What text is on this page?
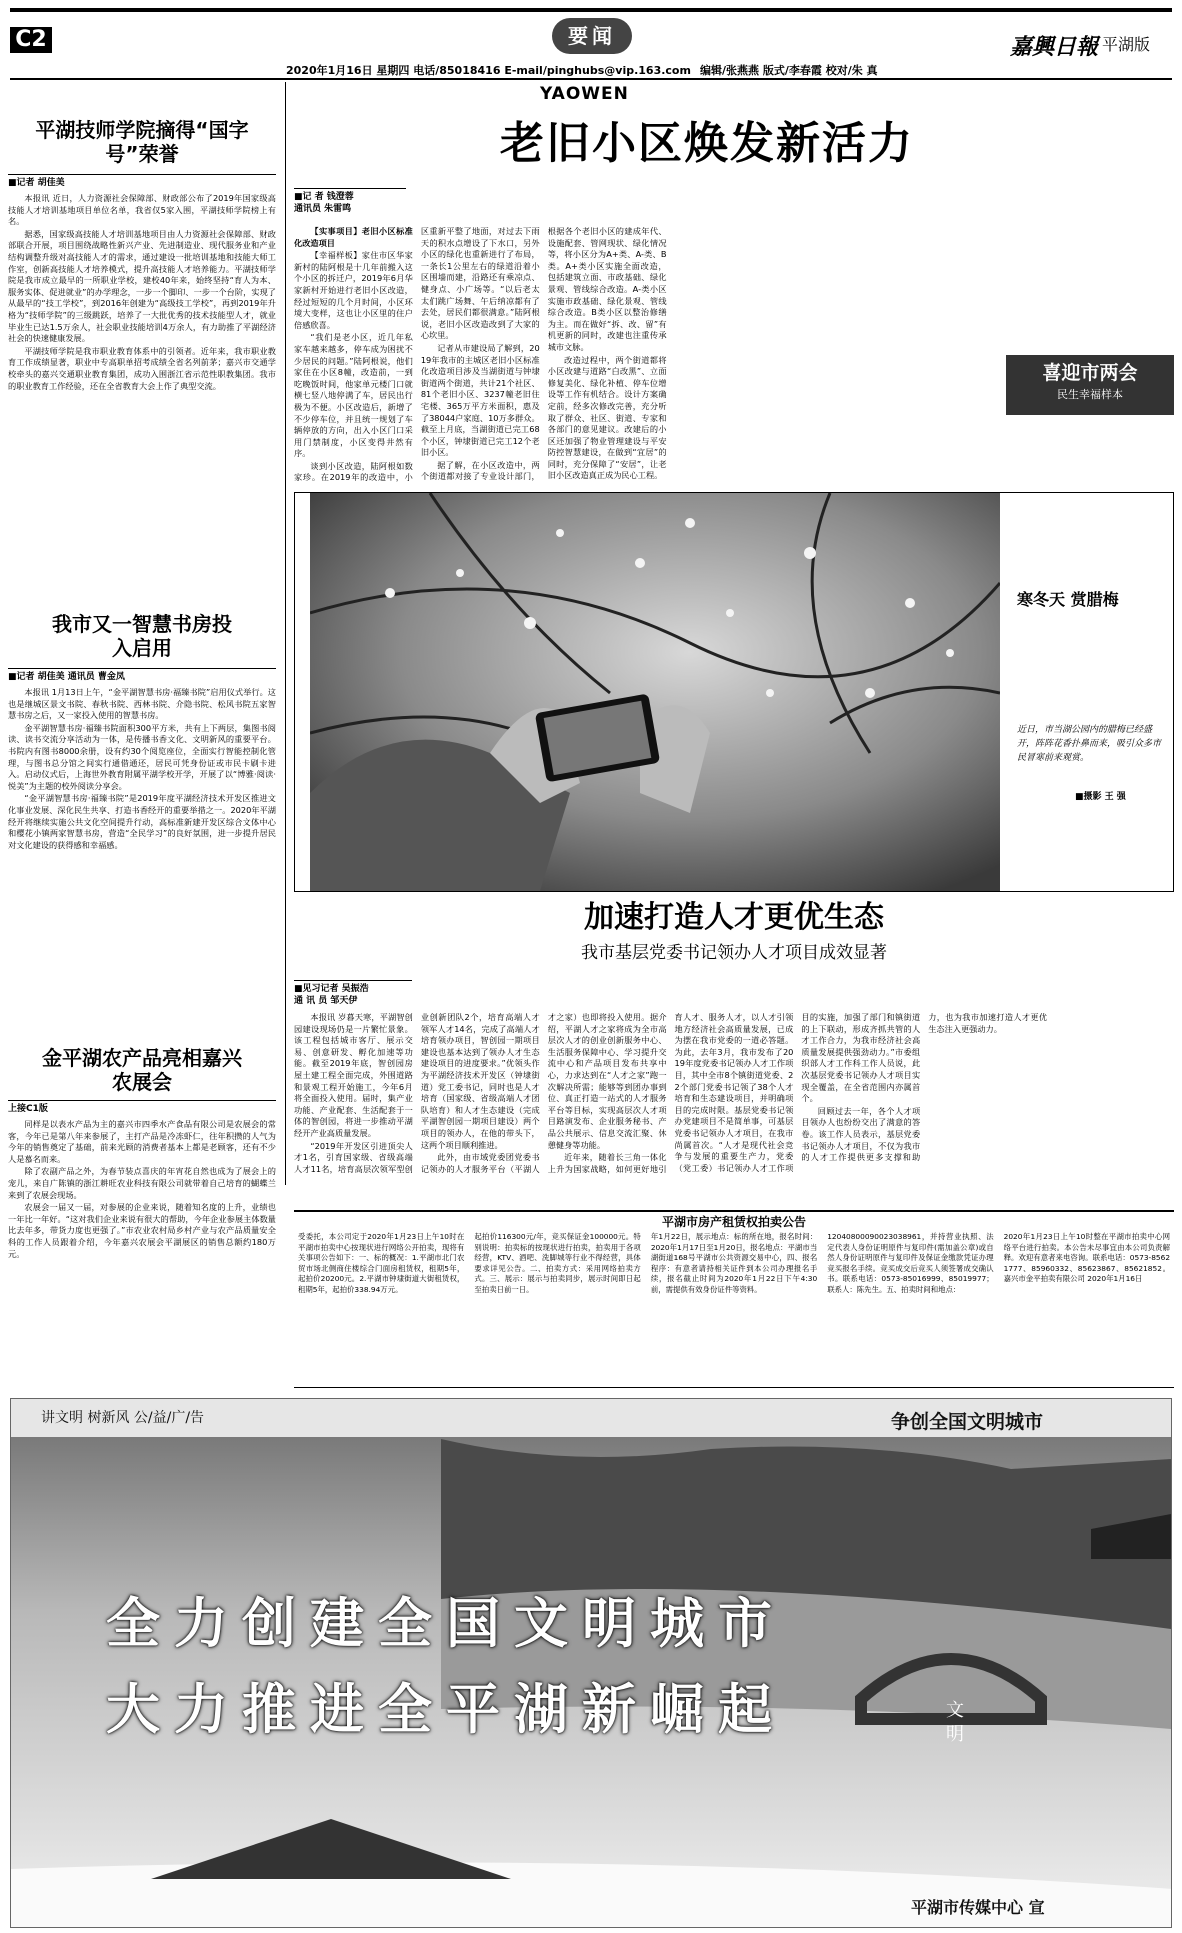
C2	要闻	嘉興日報 平湖版
2020年1月16日 星期四 电话/85018416 E-mail/pinghubs@vip.163.com 编辑/张燕燕 版式/李春霞 校对/朱 真
平湖技师学院摘得“国字号”荣誉
■记者 胡佳美

本报讯 近日，人力资源社会保障部、财政部公布了2019年国家级高技能人才培训基地项目单位名单，我省仅5家入围，平湖技师学院榜上有名。

据悉，国家级高技能人才培训基地项目由人力资源社会保障部、财政部联合开展，项目围绕战略性新兴产业、先进制造业、现代服务业和产业结构调整升级对高技能人才的需求，通过建设一批培训基地和技能大师工作室，创新高技能人才培养模式，提升高技能人才培养能力。平湖技师学院是我市成立最早的一所职业学校，建校40年来，始终坚持“育人为本、服务实体、促进就业”的办学理念，一步一个脚印、一步一个台阶，实现了从最早的“技工学校”，到2016年创建为“高级技工学校”，再到2019年升格为“技师学院”的三级跳跃，培养了一大批优秀的技术技能型人才，就业毕业生已达1.5万余人，社会职业技能培训4万余人，有力助推了平湖经济社会的快速健康发展。

平湖技师学院是我市职业教育体系中的引领者。近年来，我市职业教育工作成绩显著，职业中专高职单招考成绩全省名列前茅；嘉兴市交通学校牵头的嘉兴交通职业教育集团，成功入围浙江省示范性职教集团。我市的职业教育工作经验，还在全省教育大会上作了典型交流。

我市又一智慧书房投入启用
■记者 胡佳美 通讯员 曹金凤

本报讯 1月13日上午，“金平湖智慧书房·福臻书院”启用仪式举行。这也是继城区景文书院、春秋书院、西林书院、介隐书院、松风书院五家智慧书房之后，又一家投入使用的智慧书房。

金平湖智慧书房·福臻书院面积300平方米，共有上下两层，集图书阅读、读书交流分享活动为一体，是传播书香文化、文明新风的重要平台。书院内有图书8000余册，设有约30个阅览座位，全面实行智能控制化管理，与图书总分馆之间实行通借通还，居民可凭身份证或市民卡刷卡进入。启动仪式后，上海世外教育附属平湖学校开学，开展了以“博雅·阅读·悦美”为主题的校外阅读分享会。

“金平湖智慧书房·福臻书院”是2019年度平湖经济技术开发区推进文化事业发展、深化民生共享、打造书香经开的重要举措之一。2020年平湖经开将继续实施公共文化空间提升行动，高标准新建开发区综合文体中心和樱花小镇两家智慧书房，营造“全民学习”的良好氛围，进一步提升居民对文化建设的获得感和幸福感。

金平湖农产品亮相嘉兴农展会
上接C1版

同样是以表水产品为主的嘉兴市四季水产食品有限公司是农展会的常客，今年已是第八年来参展了，主打产品是冷冻虾仁，往年积攒的人气为今年的销售奠定了基础，前来光顾的消费者基本上都是老顾客，还有不少人是慕名而来。

除了农副产品之外，为春节装点喜庆的年宵花自然也成为了展会上的宠儿，来自广陈镇的浙江耕旺农业科技有限公司就带着自己培育的蝴蝶兰来到了农展会现场。

农展会一届又一届，对参展的企业来说，随着知名度的上升，业绩也一年比一年好。“这对我们企业来说有很大的帮助，今年企业参展主体数量比去年多，带货力度也更强了。”市农业农村局乡村产业与农产品质量安全科的工作人员跟着介绍，今年嘉兴农展会平湖展区的销售总额约180万元。

YAOWEN
老旧小区焕发新活力
■记 者 钱澄蓉
通讯员 朱雷鸣

【实事项目】老旧小区标准化改造项目

【幸福样板】家住市区华家新村的陆阿根是十几年前搬入这个小区的拆迁户，2019年6月华家新村开始进行老旧小区改造，经过短短的几个月时间，小区环境大变样，这也让小区里的住户倍感欣喜。

“我们是老小区，近几年私家车越来越多，停车成为困扰不少居民的问题。”陆阿根说，他们家住在小区8幢，改造前，一到吃晚饭时间，他家单元楼门口就横七竖八地停满了车，居民出行极为不便。小区改造后，新增了不少停车位，并且统一规划了车辆停放的方向，出入小区门口采用门禁制度，小区变得井然有序。

谈到小区改造，陆阿根如数家珍。在2019年的改造中，小区重新平整了地面，对过去下雨天的积水点增设了下水口，另外小区的绿化也重新进行了布局，一条长1公里左右的绿道沿着小区围墙而建，沿路还有乘凉点、健身点、小广场等。“以后老太太们跳广场舞、午后纳凉都有了去处，居民们都很满意。”陆阿根说，老旧小区改造改到了大家的心坎里。

记者从市建设局了解到，2019年我市的主城区老旧小区标准化改造项目涉及当湖街道与钟埭街道两个街道，共计21个社区、81个老旧小区、3237幢老旧住宅楼、365万平方米面积，惠及了38044户家庭、10万多群众。截至上月底，当湖街道已完工68个小区，钟埭街道已完工12个老旧小区。

据了解，在小区改造中，两个街道都对接了专业设计部门，根据各个老旧小区的建成年代、设施配套、管网现状、绿化情况等，将小区分为A+类、A-类、B类。A+类小区实施全面改造，包括建筑立面、市政基础、绿化景观、管线综合改造。A-类小区实施市政基础、绿化景观、管线综合改造。B类小区以整治修缮为主。而在做好“拆、改、留”有机更新的同时，改建也注重传承城市文脉。

改造过程中，两个街道都将小区改建与道路“白改黑”、立面修复美化、绿化补植、停车位增设等工作有机结合。设计方案确定前，经多次修改完善，充分听取了群众、社区、街道、专家和各部门的意见建议。改建后的小区还加强了物业管理建设与平安防控智慧建设，在做到“宜居”的同时，充分保障了“安居”，让老旧小区改造真正成为民心工程。

喜迎市两会
民生幸福样本
寒冬天 赏腊梅
近日，市当湖公园内的腊梅已经盛开，阵阵花香扑鼻而来，吸引众多市民冒寒前来观赏。
■摄影 王 强
加速打造人才更优生态
我市基层党委书记领办人才项目成效显著
■见习记者 吴振浩
通 讯 员 邹天伊

本报讯 岁暮天寒，平湖智创园建设现场仍是一片繁忙景象。该工程包括城市客厅、展示交易、创意研发、孵化加速等功能。截至2019年底，智创园房屋土建工程全面完成，外围道路和景观工程开始施工，今年6月将全面投入使用。届时，集产业功能、产业配套、生活配套于一体的智创园，将进一步推动平湖经开产业高质量发展。

“2019年开发区引进顶尖人才1名，引育国家级、省级高端人才11名，培育高层次领军型创业创新团队2个，培育高端人才领军人才14名，完成了高端人才培育领办项目，智创园一期项目建设也基本达到了领办人才生态建设项目的进度要求。”优领头作为平湖经济技术开发区（钟埭街道）党工委书记，同时也是人才培育（国家级、省级高端人才团队培育）和人才生态建设（完成平湖智创园一期项目建设）两个项目的领办人，在他的带头下，这两个项目顺利推进。

此外，由市域党委团党委书记领办的人才服务平台（平湖人才之家）也即将投入使用。据介绍，平湖人才之家将成为全市高层次人才的创业创新服务中心、生活服务保障中心、学习提升交流中心和产品项目发布共享中心，力求达到在“人才之家”跑一次解决所需；能够等到团办事到位、真正打造一站式的人才服务平台等目标，实现高层次人才项目路演发布、企业服务秘书、产品公共展示、信息交流汇聚、休憩健身等功能。

近年来，随着长三角一体化上升为国家战略，如何更好地引育人才、服务人才，以人才引领地方经济社会高质量发展，已成为摆在我市党委的一道必答题。为此，去年3月，我市发布了2019年度党委书记领办人才工作项目，其中全市8个镇街道党委、22个部门党委书记领了38个人才培育和生态建设项目，并明确项目的完成时限。基层党委书记领办党建项目不是简单事，可基层党委书记领办人才项目，在我市尚属首次。“人才是现代社会竞争与发展的重要生产力，党委（党工委）书记领办人才工作项目的实施，加强了部门和镇街道的上下联动，形成齐抓共管的人才工作合力，为我市经济社会高质量发展提供强劲动力。”市委组织部人才工作科工作人员说，此次基层党委书记领办人才项目实现全覆盖，在全省范围内亦属首个。

回顾过去一年，各个人才项目领办人也纷纷交出了满意的答卷。该工作人员表示，基层党委书记领办人才项目，不仅为我市的人才工作提供更多支撑和助力，也为我市加速打造人才更优生态注入更强动力。

平湖市房产租赁权拍卖公告
受委托，本公司定于2020年1月23日上午10时在平湖市拍卖中心按现状进行网络公开拍卖，现将有关事项公告如下：一、标的概况：1.平湖市北门农贸市场北侧商住楼综合门面房租赁权，租期5年，起拍价20200元。2.平湖市钟埭街道大街租赁权，租期5年，起拍价338.94万元。
起拍价116300元/年，竞买保证金100000元。特别说明：拍卖标的按现状进行拍卖，拍卖用于各项经营，KTV、酒吧、洗脚城等行业不得经营，具体要求详见公告。二、拍卖方式：采用网络拍卖方式。三、展示：展示与拍卖同步，展示时间即日起至拍卖日前一日。
年1月22日，展示地点：标的所在地，报名时间：2020年1月17日至1月20日，报名地点：平湖市当湖街道168号平湖市公共资源交易中心，四、报名程序：有意者请持相关证件到本公司办理报名手续，报名截止时间为2020年1月22日下午4:30前，需提供有效身份证件等资料。
12040800090023038961，并持营业执照、法定代表人身份证明原件与复印件(需加盖公章)或自然人身份证明原件与复印件及保证金缴款凭证办理竞买报名手续。竞买成交后竞买人须签署成交确认书。联系电话：0573-85016999、85019977；联系人：陈先生。五、拍卖时间和地点：
2020年1月23日上午10时整在平湖市拍卖中心网络平台进行拍卖。本公告未尽事宜由本公司负责解释。欢迎有意者来电咨询。联系电话：0573-85621777、85960332、85623867、85621852。嘉兴市金平拍卖有限公司 2020年1月16日
讲文明 树新风 公/益/广/告	争创全国文明城市
全力创建全国文明城市
大力推进全平湖新崛起	文明
平湖市传媒中心 宣
